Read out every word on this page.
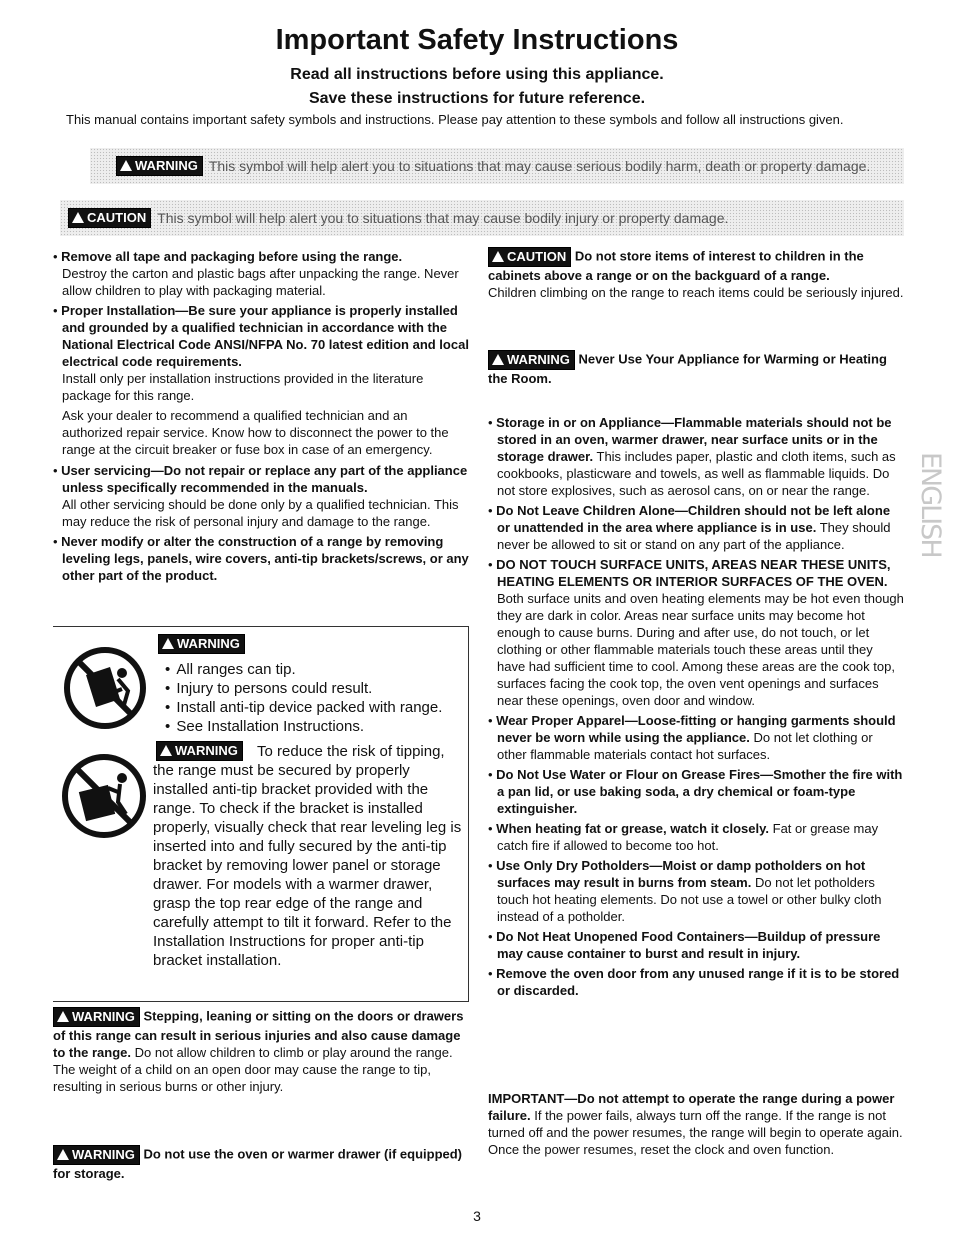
Important Safety Instructions
Read all instructions before using this appliance.
Save these instructions for future reference.
This manual contains important safety symbols and instructions. Please pay attention to these symbols and follow all instructions given.
WARNING This symbol will help alert you to situations that may cause serious bodily harm, death or property damage.
CAUTION This symbol will help alert you to situations that may cause bodily injury or property damage.
• Remove all tape and packaging before using the range.
Destroy the carton and plastic bags after unpacking the range. Never allow children to play with packaging material.
• Proper Installation—Be sure your appliance is properly installed and grounded by a qualified technician in accordance with the National Electrical Code ANSI/NFPA No. 70 latest edition and local electrical code requirements.
Install only per installation instructions provided in the literature package for this range.

Ask your dealer to recommend a qualified technician and an authorized repair service. Know how to disconnect the power to the range at the circuit breaker or fuse box in case of an emergency.

• User servicing—Do not repair or replace any part of the appliance unless specifically recommended in the manuals.
All other servicing should be done only by a qualified technician. This may reduce the risk of personal injury and damage to the range.
• Never modify or alter the construction of a range by removing leveling legs, panels, wire covers, anti-tip brackets/screws, or any other part of the product.
WARNING
• All ranges can tip.
• Injury to persons could result.
• Install anti-tip device packed with range.
• See Installation Instructions.
WARNING	To reduce the risk of tipping, the range must be secured by properly installed anti-tip bracket provided with the range. To check if the bracket is installed properly, visually check that rear leveling leg is inserted into and fully secured by the anti-tip bracket by removing lower panel or storage drawer. For models with a warmer drawer, grasp the top rear edge of the range and carefully attempt to tilt it forward. Refer to the Installation Instructions for proper anti-tip bracket installation.
WARNING Stepping, leaning or sitting on the doors or drawers of this range can result in serious injuries and also cause damage to the range. Do not allow children to climb or play around the range. The weight of a child on an open door may cause the range to tip, resulting in serious burns or other injury.
WARNING Do not use the oven or warmer drawer (if equipped) for storage.
CAUTION Do not store items of interest to children in the cabinets above a range or on the backguard of a range.
Children climbing on the range to reach items could be seriously injured.
WARNING Never Use Your Appliance for Warming or Heating the Room.
• Storage in or on Appliance—Flammable materials should not be stored in an oven, warmer drawer, near surface units or in the storage drawer. This includes paper, plastic and cloth items, such as cookbooks, plasticware and towels, as well as flammable liquids. Do not store explosives, such as aerosol cans, on or near the range.
• Do Not Leave Children Alone—Children should not be left alone or unattended in the area where appliance is in use. They should never be allowed to sit or stand on any part of the appliance.
• DO NOT TOUCH SURFACE UNITS, AREAS NEAR THESE UNITS, HEATING ELEMENTS OR INTERIOR SURFACES OF THE OVEN. Both surface units and oven heating elements may be hot even though they are dark in color. Areas near surface units may become hot enough to cause burns. During and after use, do not touch, or let clothing or other flammable materials touch these areas until they have had sufficient time to cool. Among these areas are the cook top, surfaces facing the cook top, the oven vent openings and surfaces near these openings, oven door and window.
• Wear Proper Apparel—Loose-fitting or hanging garments should never be worn while using the appliance. Do not let clothing or other flammable materials contact hot surfaces.
• Do Not Use Water or Flour on Grease Fires—Smother the fire with a pan lid, or use baking soda, a dry chemical or foam-type extinguisher.
• When heating fat or grease, watch it closely. Fat or grease may catch fire if allowed to become too hot.
• Use Only Dry Potholders—Moist or damp potholders on hot surfaces may result in burns from steam. Do not let potholders touch hot heating elements. Do not use a towel or other bulky cloth instead of a potholder.
• Do Not Heat Unopened Food Containers—Buildup of pressure may cause container to burst and result in injury.
• Remove the oven door from any unused range if it is to be stored or discarded.
IMPORTANT—Do not attempt to operate the range during a power failure. If the power fails, always turn off the range. If the range is not turned off and the power resumes, the range will begin to operate again. Once the power resumes, reset the clock and oven function.
ENGLISH
3
